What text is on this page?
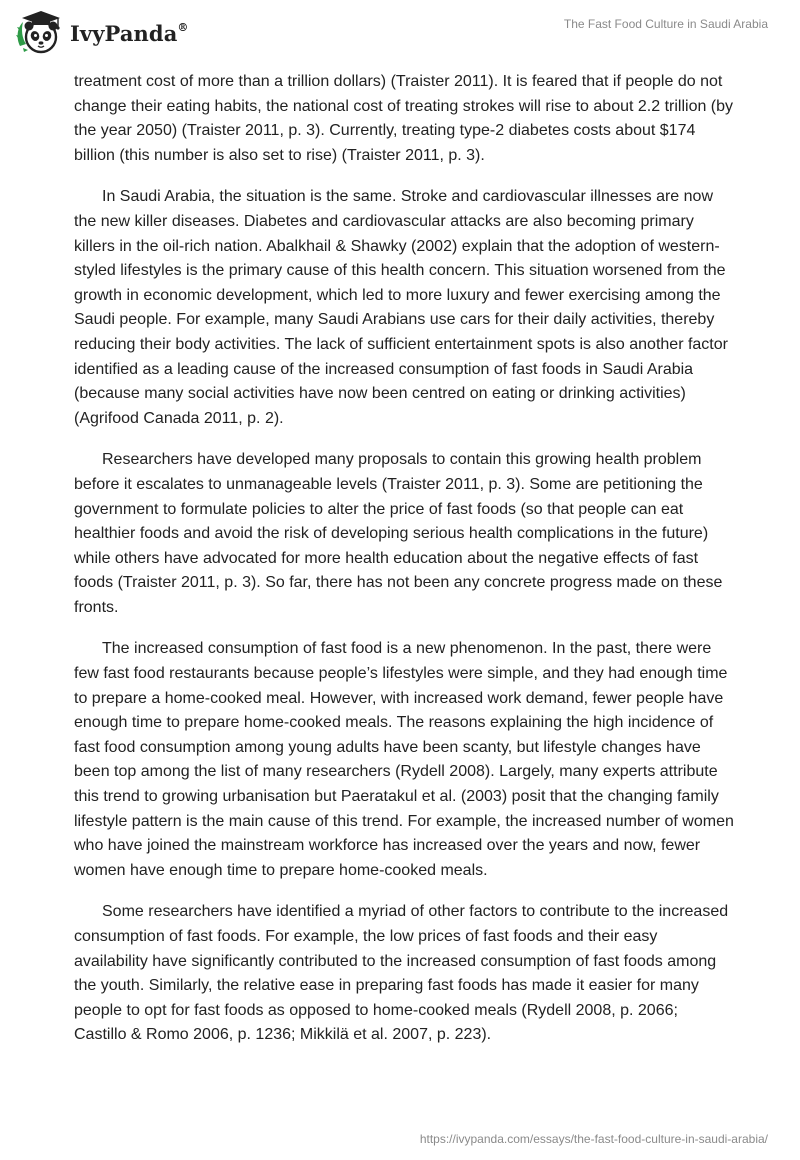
IvyPanda®	The Fast Food Culture in Saudi Arabia

treatment cost of more than a trillion dollars) (Traister 2011). It is feared that if people do not change their eating habits, the national cost of treating strokes will rise to about 2.2 trillion (by the year 2050) (Traister 2011, p. 3). Currently, treating type-2 diabetes costs about $174 billion (this number is also set to rise) (Traister 2011, p. 3).

In Saudi Arabia, the situation is the same. Stroke and cardiovascular illnesses are now the new killer diseases. Diabetes and cardiovascular attacks are also becoming primary killers in the oil-rich nation. Abalkhail & Shawky (2002) explain that the adoption of western-styled lifestyles is the primary cause of this health concern. This situation worsened from the growth in economic development, which led to more luxury and fewer exercising among the Saudi people. For example, many Saudi Arabians use cars for their daily activities, thereby reducing their body activities. The lack of sufficient entertainment spots is also another factor identified as a leading cause of the increased consumption of fast foods in Saudi Arabia (because many social activities have now been centred on eating or drinking activities) (Agrifood Canada 2011, p. 2).

Researchers have developed many proposals to contain this growing health problem before it escalates to unmanageable levels (Traister 2011, p. 3). Some are petitioning the government to formulate policies to alter the price of fast foods (so that people can eat healthier foods and avoid the risk of developing serious health complications in the future) while others have advocated for more health education about the negative effects of fast foods (Traister 2011, p. 3). So far, there has not been any concrete progress made on these fronts.

The increased consumption of fast food is a new phenomenon. In the past, there were few fast food restaurants because people’s lifestyles were simple, and they had enough time to prepare a home-cooked meal. However, with increased work demand, fewer people have enough time to prepare home-cooked meals. The reasons explaining the high incidence of fast food consumption among young adults have been scanty, but lifestyle changes have been top among the list of many researchers (Rydell 2008). Largely, many experts attribute this trend to growing urbanisation but Paeratakul et al. (2003) posit that the changing family lifestyle pattern is the main cause of this trend. For example, the increased number of women who have joined the mainstream workforce has increased over the years and now, fewer women have enough time to prepare home-cooked meals.

Some researchers have identified a myriad of other factors to contribute to the increased consumption of fast foods. For example, the low prices of fast foods and their easy availability have significantly contributed to the increased consumption of fast foods among the youth. Similarly, the relative ease in preparing fast foods has made it easier for many people to opt for fast foods as opposed to home-cooked meals (Rydell 2008, p. 2066; Castillo & Romo 2006, p. 1236; Mikkilä et al. 2007, p. 223).

https://ivypanda.com/essays/the-fast-food-culture-in-saudi-arabia/
